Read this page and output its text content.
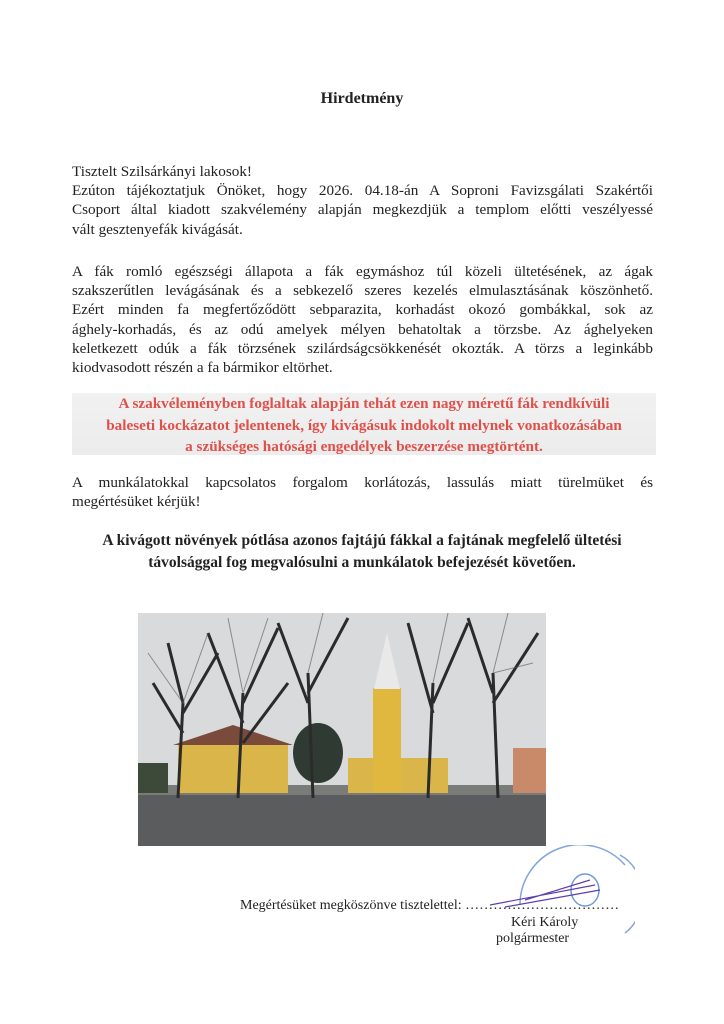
Hirdetmény
Tisztelt Szilsárkányi lakosok!
Ezúton tájékoztatjuk Önöket, hogy 2026. 04.18-án A Soproni Favizsgálati Szakértői
Csoport által kiadott szakvélemény alapján megkezdjük a templom előtti veszélyessé
vált gesztenyefák kivágását.
A fák romló egészségi állapota a fák egymáshoz túl közeli ültetésének, az ágak
szakszerűtlen levágásának és a sebkezelő szeres kezelés elmulasztásának köszönhető.
Ezért minden fa megfertőződött sebparazita, korhadást okozó gombákkal, sok az
ághely-korhadás, és az odú amelyek mélyen behatoltak a törzsbe. Az ághelyeken
keletkezett odúk a fák törzsének szilárdságcsökkenését okozták. A törzs a leginkább
kiodvasodott részén a fa bármikor eltörhet.
A szakvéleményben foglaltak alapján tehát ezen nagy méretű fák rendkívüli
baleseti kockázatot jelentenek, így kivágásuk indokolt melynek vonatkozásában
a szükséges hatósági engedélyek beszerzése megtörtént.
A munkálatokkal kapcsolatos forgalom korlátozás, lassulás miatt türelmüket és
megértésüket kérjük!
A kivágott növények pótlása azonos fajtájú fákkal a fajtának megfelelő ültetési
távolsággal fog megvalósulni a munkálatok befejezését követően.
Megértésüket megköszönve tisztelettel: ……………………………
Kéri Károly
polgármester
